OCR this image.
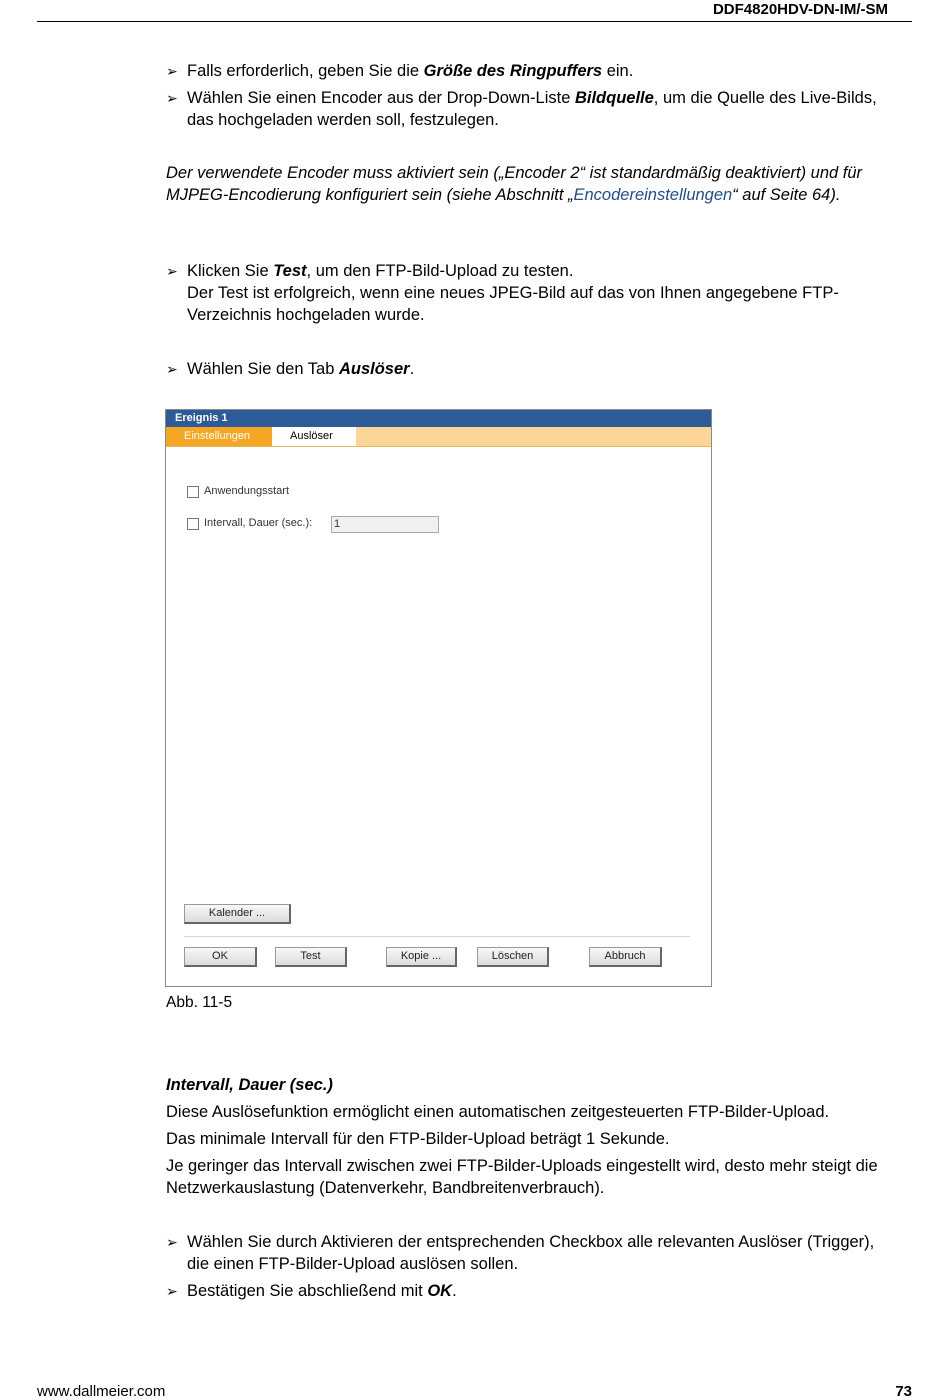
DDF4820HDV-DN-IM/-SM
➢ Falls erforderlich, geben Sie die Größe des Ringpuffers ein.
➢ Wählen Sie einen Encoder aus der Drop-Down-Liste Bildquelle, um die Quelle des Live-Bilds, das hochgeladen werden soll, festzulegen.
Der verwendete Encoder muss aktiviert sein („Encoder 2“ ist standardmäßig deaktiviert) und für MJPEG-Encodierung konfiguriert sein (siehe Abschnitt „Encodereinstellungen“ auf Seite 64).
➢ Klicken Sie Test, um den FTP-Bild-Upload zu testen.
Der Test ist erfolgreich, wenn eine neues JPEG-Bild auf das von Ihnen angegebene FTP-Verzeichnis hochgeladen wurde.
➢ Wählen Sie den Tab Auslöser.
Ereignis 1
Einstellungen	Auslöser
Anwendungsstart
Intervall, Dauer (sec.): 1
Kalender ...
OK	Test	Kopie ...	Löschen	Abbruch
Abb. 11-5

Intervall, Dauer (sec.)

Diese Auslösefunktion ermöglicht einen automatischen zeitgesteuerten FTP-Bilder-Upload.

Das minimale Intervall für den FTP-Bilder-Upload beträgt 1 Sekunde.

Je geringer das Intervall zwischen zwei FTP-Bilder-Uploads eingestellt wird, desto mehr steigt die Netzwerkauslastung (Datenverkehr, Bandbreitenverbrauch).

➢ Wählen Sie durch Aktivieren der entsprechenden Checkbox alle relevanten Auslöser (Trigger), die einen FTP-Bilder-Upload auslösen sollen.
➢ Bestätigen Sie abschließend mit OK.
www.dallmeier.com	73
